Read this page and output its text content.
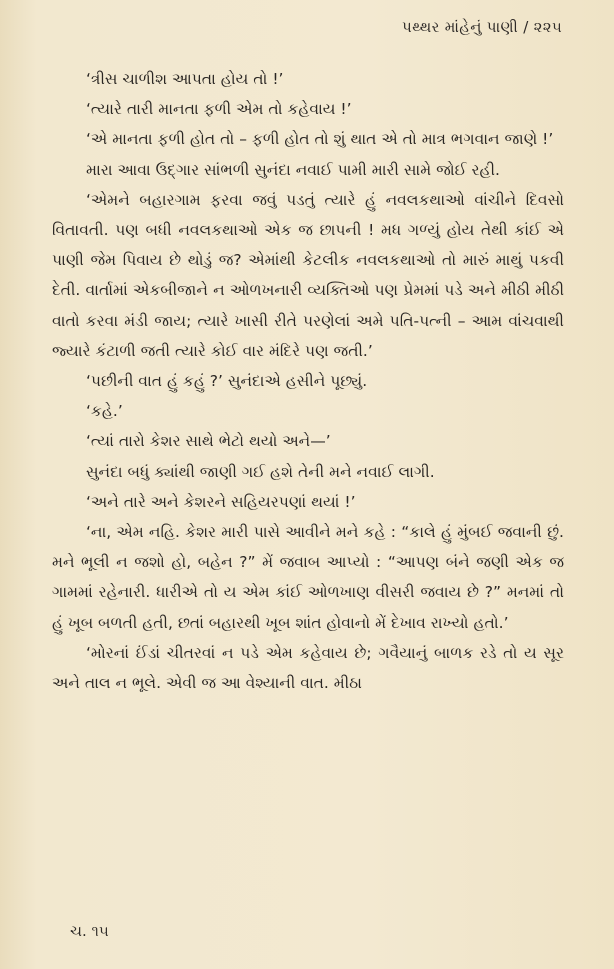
પથ્થર માંહેનું પાણી / ૨૨૫

‘ત્રીસ ચાળીશ આપતા હોય તો !’

‘ત્યારે તારી માનતા ફળી એમ તો કહેવાય !’

‘એ માનતા ફળી હોત તો – ફળી હોત તો શું થાત એ તો માત્ર ભગવાન જાણે !’

મારા આવા ઉદ્ગાર સાંભળી સુનંદા નવાઈ પામી મારી સામે જોઈ રહી.

‘એમને બહારગામ ફરવા જવું પડતું ત્યારે હું નવલકથાઓ વાંચીને દિવસો વિતાવતી. પણ બધી નવલકથાઓ એક જ છાપની ! મધ ગળ્યું હોય તેથી કાંઈ એ પાણી જેમ પિવાય છે થોડું જ? એમાંથી કેટલીક નવલકથાઓ તો મારું માથું પકવી દેતી. વાર્તામાં એકબીજાને ન ઓળખનારી વ્યક્તિઓ પણ પ્રેમમાં પડે અને મીઠી મીઠી વાતો કરવા મંડી જાય; ત્યારે ખાસી રીતે પરણેલાં અમે પતિ-પત્ની – આમ વાંચવાથી જ્યારે કંટાળી જતી ત્યારે કોઈ વાર મંદિરે પણ જતી.’

‘પછીની વાત હું કહું ?’ સુનંદાએ હસીને પૂછ્યું.

‘કહે.’

‘ત્યાં તારો કેશર સાથે ભેટો થયો અને—’

સુનંદા બધું ક્યાંથી જાણી ગઈ હશે તેની મને નવાઈ લાગી.

‘અને તારે અને કેશરને સહિયરપણાં થયાં !’

‘ના, એમ નહિ. કેશર મારી પાસે આવીને મને કહે : “કાલે હું મુંબઈ જવાની છું. મને ભૂલી ન જશો હો, બહેન ?” મેં જવાબ આપ્યો : “આપણ બંને જણી એક જ ગામમાં રહેનારી. ધારીએ તો ય એમ કાંઈ ઓળખાણ વીસરી જવાય છે ?” મનમાં તો હું ખૂબ બળતી હતી, છતાં બહારથી ખૂબ શાંત હોવાનો મેં દેખાવ રાખ્યો હતો.’

‘મોરનાં ઈંડાં ચીતરવાં ન પડે એમ કહેવાય છે; ગવૈયાનું બાળક રડે તો ય સૂર અને તાલ ન ભૂલે. એવી જ આ વેશ્યાની વાત. મીઠા

ચ. ૧૫
